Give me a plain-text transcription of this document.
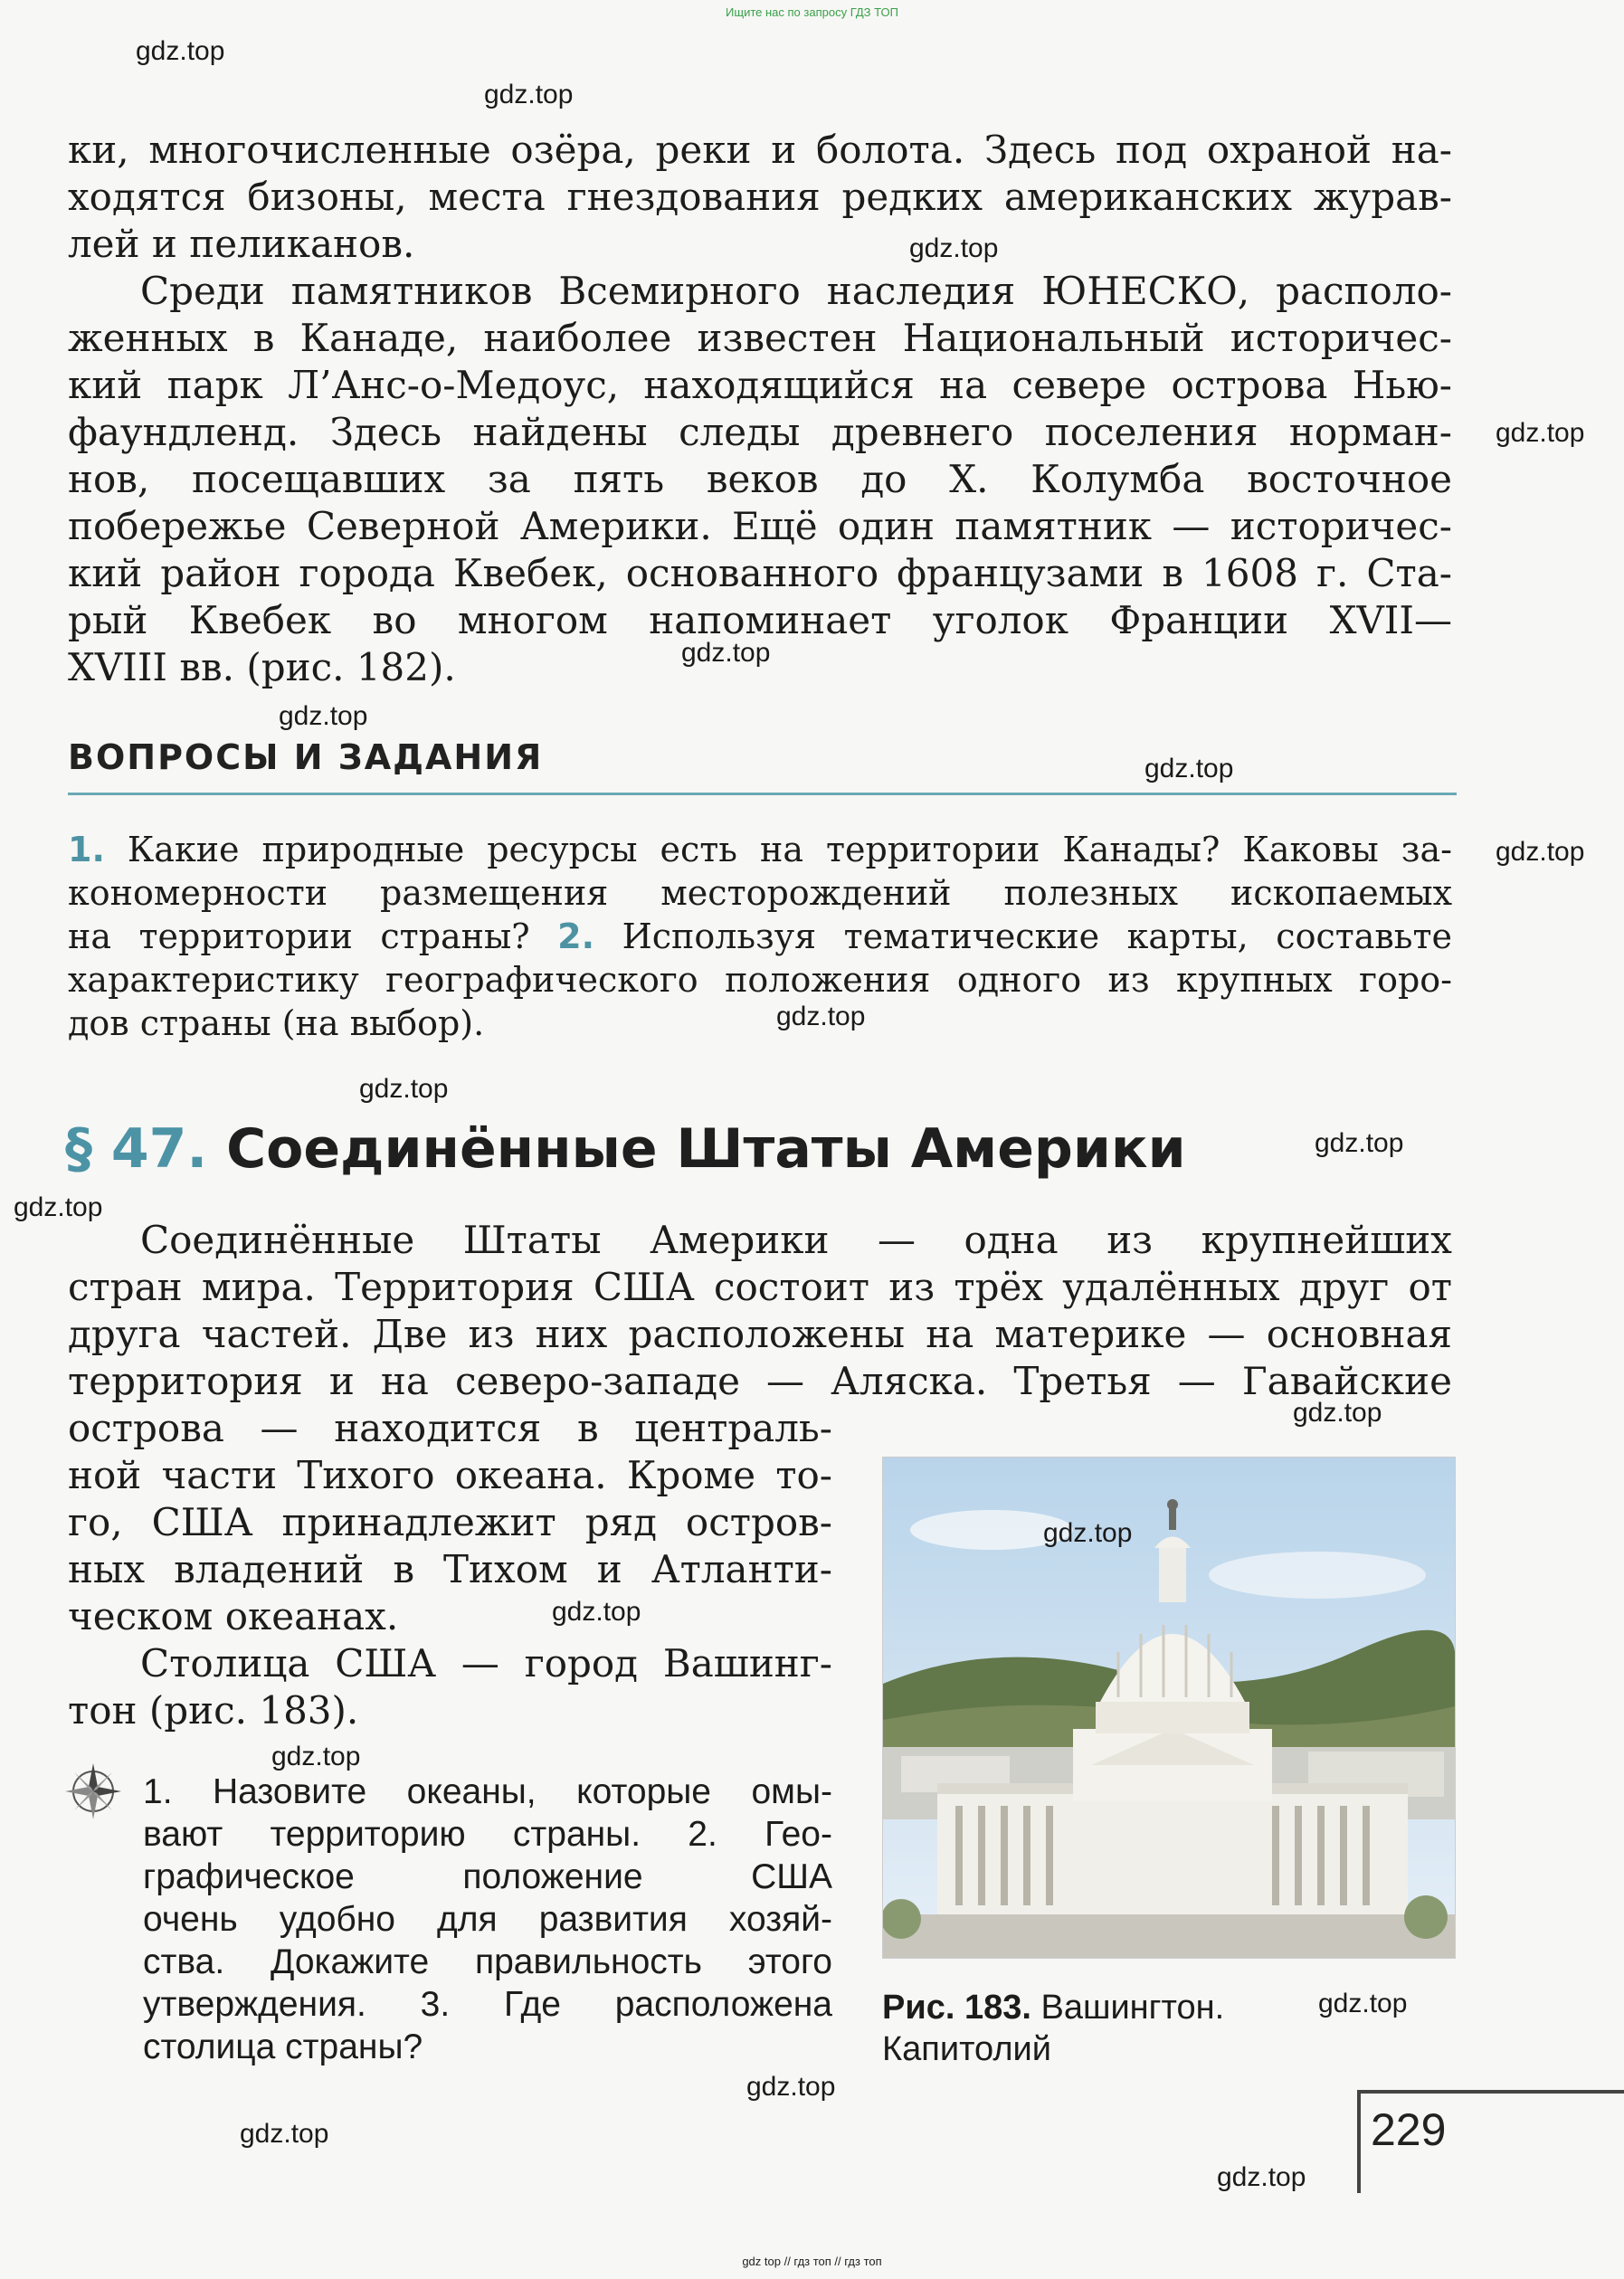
Ищите нас по запросу ГДЗ ТОП
gdz top // гдз топ // гдз топ
ки, многочисленные озёра, реки и болота. Здесь под охраной на-
ходятся бизоны, места гнездования редких американских журав-
лей и пеликанов.
Среди памятников Всемирного наследия ЮНЕСКО, располо-
женных в Канаде, наиболее известен Национальный историчес-
кий парк Л’Анс-о-Медоус, находящийся на севере острова Нью-
фаундленд. Здесь найдены следы древнего поселения норман-
нов, посещавших за пять веков до Х. Колумба восточное
побережье Северной Америки. Ещё один памятник — историчес-
кий район города Квебек, основанного французами в 1608 г. Ста-
рый Квебек во многом напоминает уголок Франции XVII—
XVIII вв. (рис. 182).
ВОПРОСЫ И ЗАДАНИЯ
1. Какие природные ресурсы есть на территории Канады? Каковы за-
кономерности размещения месторождений полезных ископаемых
на территории страны? 2. Используя тематические карты, составьте
характеристику географического положения одного из крупных горо-
дов страны (на выбор).
§ 47. Соединённые Штаты Америки
Соединённые Штаты Америки — одна из крупнейших
стран мира. Территория США состоит из трёх удалённых друг от
друга частей. Две из них расположены на материке — основная
территория и на северо-западе — Аляска. Третья — Гавайские
острова — находится в централь-
ной части Тихого океана. Кроме то-
го, США принадлежит ряд остров-
ных владений в Тихом и Атланти-
ческом океанах.
Столица США — город Вашинг-
тон (рис. 183).
1. Назовите океаны, которые омы-
вают территорию страны. 2. Гео-
графическое положение США
очень удобно для развития хозяй-
ства. Докажите правильность этого
утверждения. 3. Где расположена
столица страны?
Рис. 183. Вашингтон.
Капитолий
229
gdz.top
gdz.top
gdz.top
gdz.top
gdz.top
gdz.top
gdz.top
gdz.top
gdz.top
gdz.top
gdz.top
gdz.top
gdz.top
gdz.top
gdz.top
gdz.top
gdz.top
gdz.top
gdz.top
gdz.top
